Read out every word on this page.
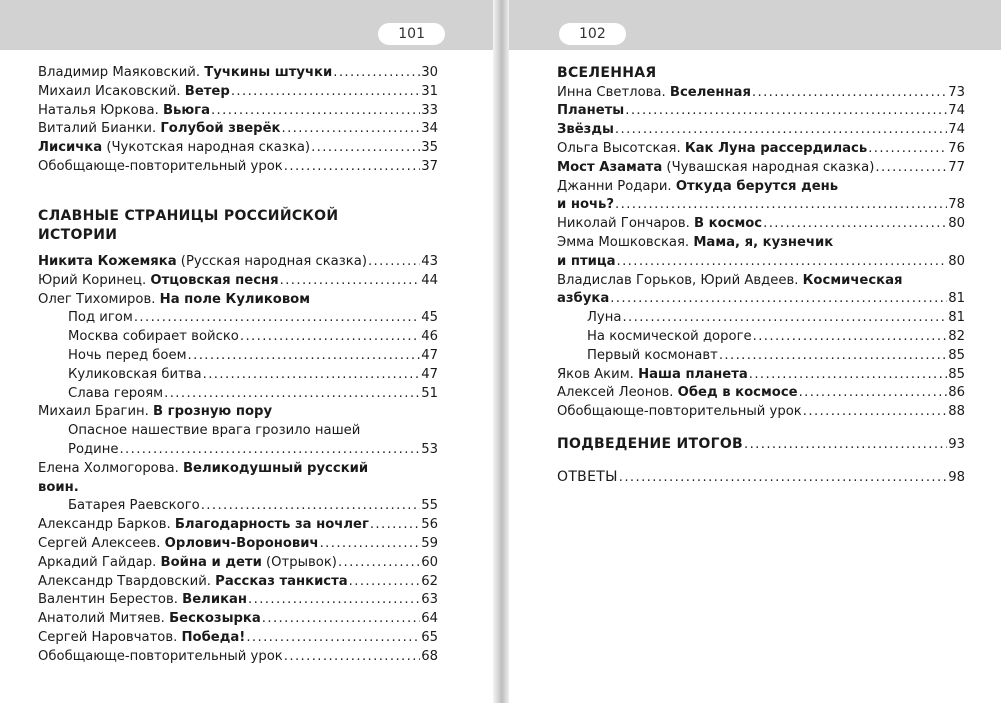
101
Владимир Маяковский. Тучкины штучки . . .	30
Михаил Исаковский. Ветер . . .	31
Наталья Юркова. Вьюга . . .	33
Виталий Бианки. Голубой зверёк . . .	34
Лисичка (Чукотская народная сказка) . . .	35
Обобщающе-повторительный урок . . .	37
СЛАВНЫЕ СТРАНИЦЫ РОССИЙСКОЙ
ИСТОРИИ
Никита Кожемяка (Русская народная сказка) . . .	43
Юрий Коринец. Отцовская песня . . .	44
Олег Тихомиров. На поле Куликовом
Под игом . . .	45
Москва собирает войско . . .	46
Ночь перед боем . . .	47
Куликовская битва . . .	47
Слава героям . . .	51
Михаил Брагин. В грозную пору
Опасное нашествие врага грозило нашей
Родине . . .	53
Елена Холмогорова. Великодушный русский
воин.
Батарея Раевского . . .	55
Александр Барков. Благодарность за ночлег . . .	56
Сергей Алексеев. Орлович-Воронович . . .	59
Аркадий Гайдар. Война и дети (Отрывок) . . .	60
Александр Твардовский. Рассказ танкиста . . .	62
Валентин Берестов. Великан . . .	63
Анатолий Митяев. Бескозырка . . .	64
Сергей Наровчатов. Победа! . . .	65
Обобщающе-повторительный урок . . .	68
102
ВСЕЛЕННАЯ
Инна Светлова. Вселенная . . .	73
Планеты . . .	74
Звёзды . . .	74
Ольга Высотская. Как Луна рассердилась . . .	76
Мост Азамата (Чувашская народная сказка) . . .	77
Джанни Родари. Откуда берутся день
и ночь? . . .	78
Николай Гончаров. В космос . . .	80
Эмма Мошковская. Мама, я, кузнечик
и птица . . .	80
Владислав Горьков, Юрий Авдеев. Космическая
азбука . . .	81
Луна . . .	81
На космической дороге . . .	82
Первый космонавт . . .	85
Яков Аким. Наша планета . . .	85
Алексей Леонов. Обед в космосе . . .	86
Обобщающе-повторительный урок . . .	88
ПОДВЕДЕНИЕ ИТОГОВ . . .	93
ОТВЕТЫ . . .	98
